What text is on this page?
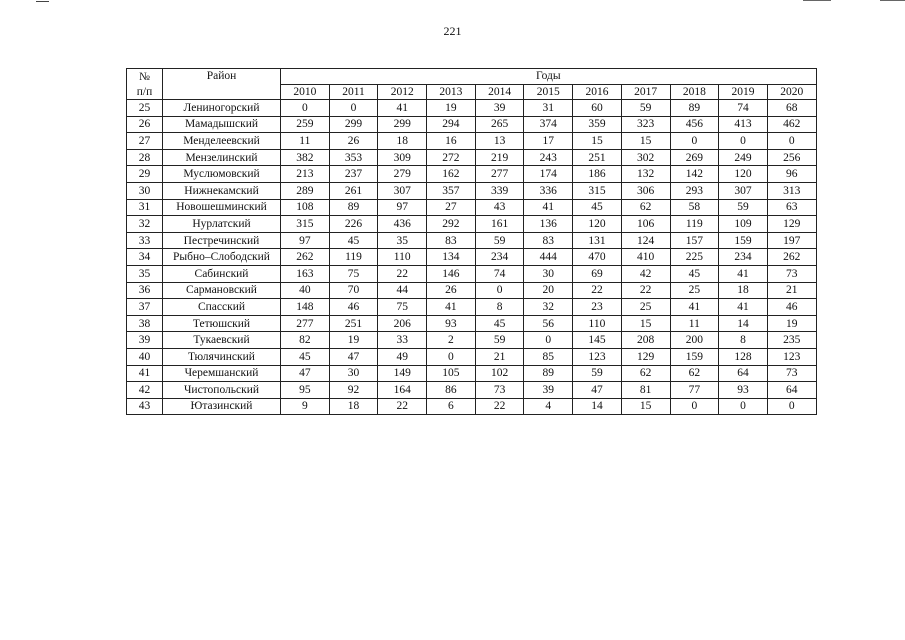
221
№	Район	Годы										
п/п		2010	2011	2012	2013	2014	2015	2016	2017	2018	2019	2020
25	Лениногорский	0	0	41	19	39	31	60	59	89	74	68
26	Мамадышский	259	299	299	294	265	374	359	323	456	413	462
27	Менделеевский	11	26	18	16	13	17	15	15	0	0	0
28	Мензелинский	382	353	309	272	219	243	251	302	269	249	256
29	Муслюмовский	213	237	279	162	277	174	186	132	142	120	96
30	Нижнекамский	289	261	307	357	339	336	315	306	293	307	313
31	Новошешминский	108	89	97	27	43	41	45	62	58	59	63
32	Нурлатский	315	226	436	292	161	136	120	106	119	109	129
33	Пестречинский	97	45	35	83	59	83	131	124	157	159	197
34	Рыбно–Слободский	262	119	110	134	234	444	470	410	225	234	262
35	Сабинский	163	75	22	146	74	30	69	42	45	41	73
36	Сармановский	40	70	44	26	0	20	22	22	25	18	21
37	Спасский	148	46	75	41	8	32	23	25	41	41	46
38	Тетюшский	277	251	206	93	45	56	110	15	11	14	19
39	Тукаевский	82	19	33	2	59	0	145	208	200	8	235
40	Тюлячинский	45	47	49	0	21	85	123	129	159	128	123
41	Черемшанский	47	30	149	105	102	89	59	62	62	64	73
42	Чистопольский	95	92	164	86	73	39	47	81	77	93	64
43	Ютазинский	9	18	22	6	22	4	14	15	0	0	0
